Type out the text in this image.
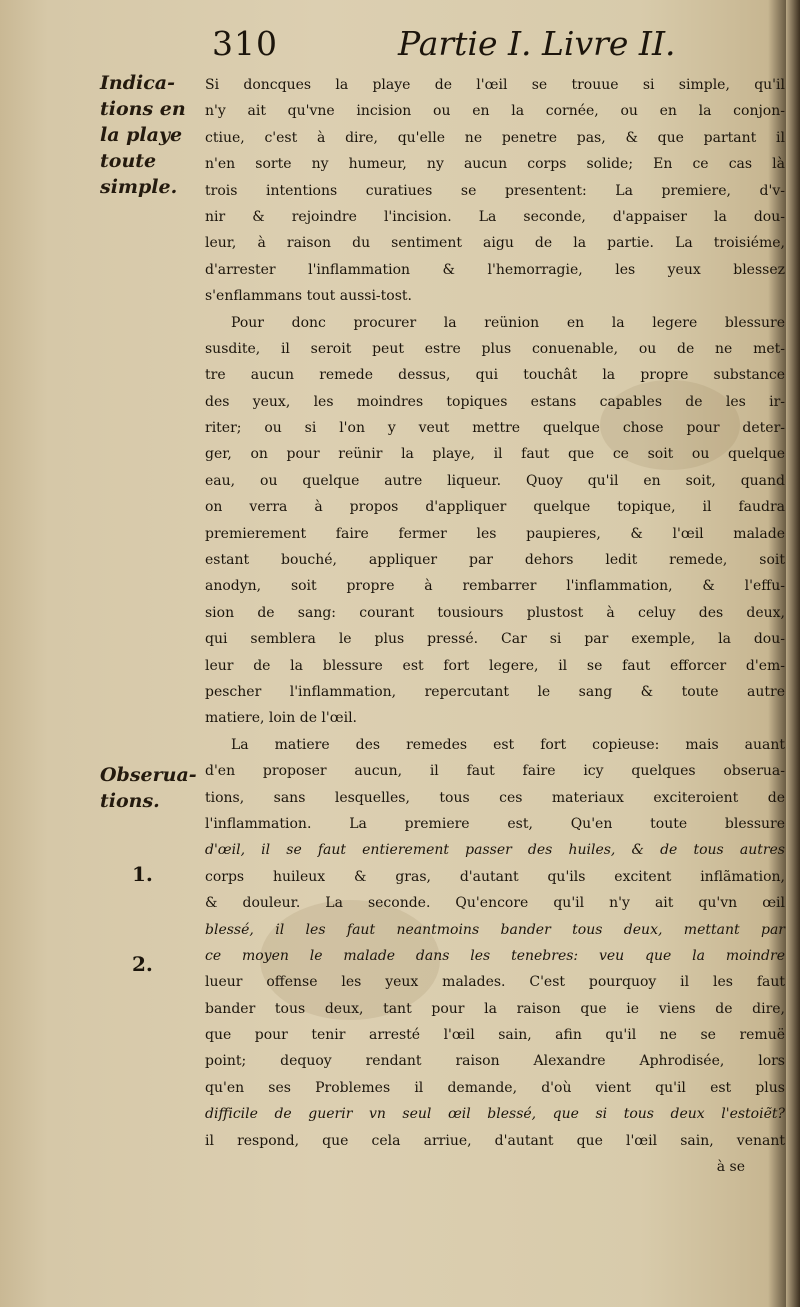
310	Partie I. Livre II.
Indica-
tions en
la playe
toute
simple.
Obserua-
tions.
1.
2.
Si doncques la playe de l'œil se trouue si simple, qu'il
n'y ait qu'vne incision ou en la cornée, ou en la conjon-
ctiue, c'est à dire, qu'elle ne penetre pas, & que partant il
n'en sorte ny humeur, ny aucun corps solide; En ce cas là
trois intentions curatiues se presentent: La premiere, d'v-
nir & rejoindre l'incision. La seconde, d'appaiser la dou-
leur, à raison du sentiment aigu de la partie. La troisiéme,
d'arrester l'inflammation & l'hemorragie, les yeux blessez
s'enflammans tout aussi-tost.
Pour donc procurer la reünion en la legere blessure
susdite, il seroit peut estre plus conuenable, ou de ne met-
tre aucun remede dessus, qui touchât la propre substance
des yeux, les moindres topiques estans capables de les ir-
riter; ou si l'on y veut mettre quelque chose pour deter-
ger, on pour reünir la playe, il faut que ce soit ou quelque
eau, ou quelque autre liqueur. Quoy qu'il en soit, quand
on verra à propos d'appliquer quelque topique, il faudra
premierement faire fermer les paupieres, & l'œil malade
estant bouché, appliquer par dehors ledit remede, soit
anodyn, soit propre à rembarrer l'inflammation, & l'effu-
sion de sang: courant tousiours plustost à celuy des deux,
qui semblera le plus pressé. Car si par exemple, la dou-
leur de la blessure est fort legere, il se faut efforcer d'em-
pescher l'inflammation, repercutant le sang & toute autre
matiere, loin de l'œil.
La matiere des remedes est fort copieuse: mais auant
d'en proposer aucun, il faut faire icy quelques obserua-
tions, sans lesquelles, tous ces materiaux exciteroient de
l'inflammation. La premiere est, Qu'en toute blessure
d'œil, il se faut entierement passer des huiles, & de tous autres
corps huileux & gras, d'autant qu'ils excitent inflãmation,
& douleur. La seconde. Qu'encore qu'il n'y ait qu'vn œil
blessé, il les faut neantmoins bander tous deux, mettant par
ce moyen le malade dans les tenebres: veu que la moindre
lueur offense les yeux malades. C'est pourquoy il les faut
bander tous deux, tant pour la raison que ie viens de dire,
que pour tenir arresté l'œil sain, afin qu'il ne se remuë
point; dequoy rendant raison Alexandre Aphrodisée, lors
qu'en ses Problemes il demande, d'où vient qu'il est plus
difficile de guerir vn seul œil blessé, que si tous deux l'estoiẽt?
il respond, que cela arriue, d'autant que l'œil sain, venant
à se
